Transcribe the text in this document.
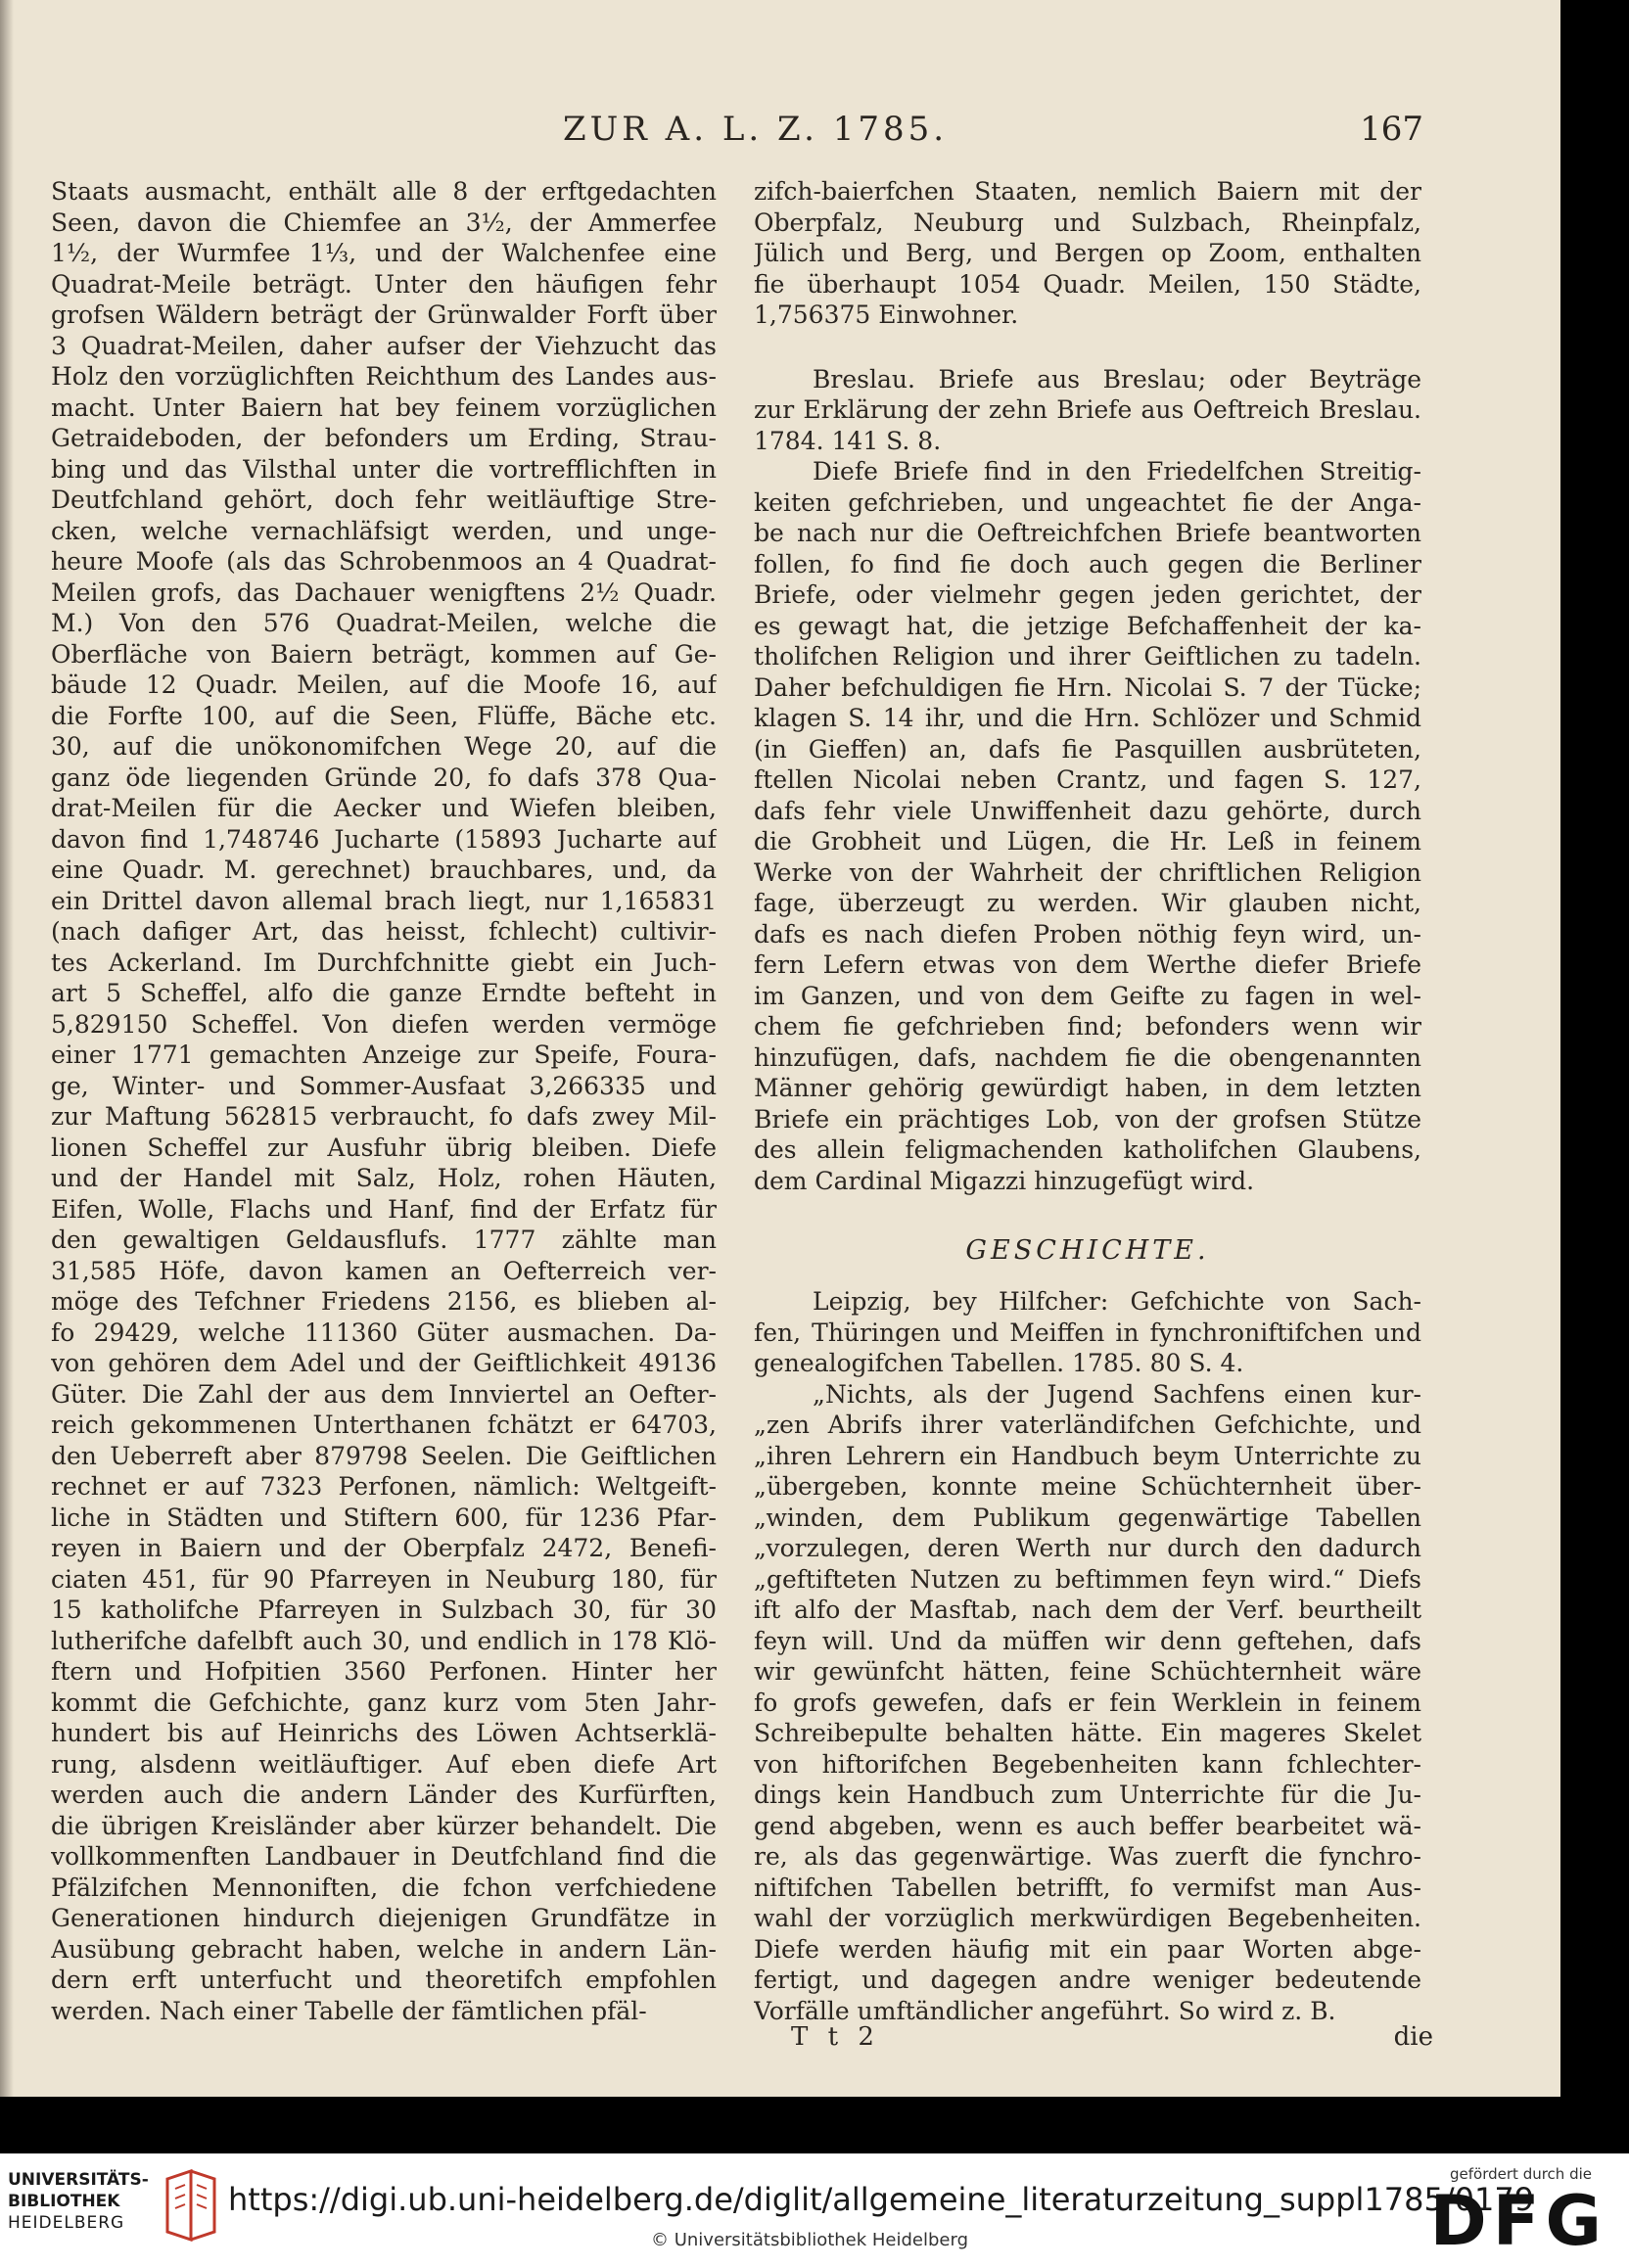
ZUR A. L. Z. 1785.	167
Staats ausmacht, enthält alle 8 der erftgedachten
Seen, davon die Chiemfee an 3½, der Ammerfee
1½, der Wurmfee 1⅓, und der Walchenfee eine
Quadrat-Meile beträgt. Unter den häufigen fehr
grofsen Wäldern beträgt der Grünwalder Forft über
3 Quadrat-Meilen, daher aufser der Viehzucht das
Holz den vorzüglichften Reichthum des Landes aus-
macht. Unter Baiern hat bey feinem vorzüglichen
Getraideboden, der befonders um Erding, Strau-
bing und das Vilsthal unter die vortrefflichften in
Deutfchland gehört, doch fehr weitläuftige Stre-
cken, welche vernachläfsigt werden, und unge-
heure Moofe (als das Schrobenmoos an 4 Quadrat-
Meilen grofs, das Dachauer wenigftens 2½ Quadr.
M.) Von den 576 Quadrat-Meilen, welche die
Oberfläche von Baiern beträgt, kommen auf Ge-
bäude 12 Quadr. Meilen, auf die Moofe 16, auf
die Forfte 100, auf die Seen, Flüffe, Bäche etc.
30, auf die unökonomifchen Wege 20, auf die
ganz öde liegenden Gründe 20, fo dafs 378 Qua-
drat-Meilen für die Aecker und Wiefen bleiben,
davon find 1,748746 Jucharte (15893 Jucharte auf
eine Quadr. M. gerechnet) brauchbares, und, da
ein Drittel davon allemal brach liegt, nur 1,165831
(nach dafiger Art, das heisst, fchlecht) cultivir-
tes Ackerland. Im Durchfchnitte giebt ein Juch-
art 5 Scheffel, alfo die ganze Erndte befteht in
5,829150 Scheffel. Von diefen werden vermöge
einer 1771 gemachten Anzeige zur Speife, Foura-
ge, Winter- und Sommer-Ausfaat 3,266335 und
zur Maftung 562815 verbraucht, fo dafs zwey Mil-
lionen Scheffel zur Ausfuhr übrig bleiben. Diefe
und der Handel mit Salz, Holz, rohen Häuten,
Eifen, Wolle, Flachs und Hanf, find der Erfatz für
den gewaltigen Geldausflufs. 1777 zählte man
31,585 Höfe, davon kamen an Oefterreich ver-
möge des Tefchner Friedens 2156, es blieben al-
fo 29429, welche 111360 Güter ausmachen. Da-
von gehören dem Adel und der Geiftlichkeit 49136
Güter. Die Zahl der aus dem Innviertel an Oefter-
reich gekommenen Unterthanen fchätzt er 64703,
den Ueberreft aber 879798 Seelen. Die Geiftlichen
rechnet er auf 7323 Perfonen, nämlich: Weltgeift-
liche in Städten und Stiftern 600, für 1236 Pfar-
reyen in Baiern und der Oberpfalz 2472, Benefi-
ciaten 451, für 90 Pfarreyen in Neuburg 180, für
15 katholifche Pfarreyen in Sulzbach 30, für 30
lutherifche dafelbft auch 30, und endlich in 178 Klö-
ftern und Hofpitien 3560 Perfonen. Hinter her
kommt die Gefchichte, ganz kurz vom 5ten Jahr-
hundert bis auf Heinrichs des Löwen Achtserklä-
rung, alsdenn weitläuftiger. Auf eben diefe Art
werden auch die andern Länder des Kurfürften,
die übrigen Kreisländer aber kürzer behandelt. Die
vollkommenften Landbauer in Deutfchland find die
Pfälzifchen Mennoniften, die fchon verfchiedene
Generationen hindurch diejenigen Grundfätze in
Ausübung gebracht haben, welche in andern Län-
dern erft unterfucht und theoretifch empfohlen
werden. Nach einer Tabelle der fämtlichen pfäl-
zifch-baierfchen Staaten, nemlich Baiern mit der
Oberpfalz, Neuburg und Sulzbach, Rheinpfalz,
Jülich und Berg, und Bergen op Zoom, enthalten
fie überhaupt 1054 Quadr. Meilen, 150 Städte,
1,756375 Einwohner.
Breslau. Briefe aus Breslau; oder Beyträge
zur Erklärung der zehn Briefe aus Oeftreich Breslau.
1784. 141 S. 8.
Diefe Briefe find in den Friedelfchen Streitig-
keiten gefchrieben, und ungeachtet fie der Anga-
be nach nur die Oeftreichfchen Briefe beantworten
follen, fo find fie doch auch gegen die Berliner
Briefe, oder vielmehr gegen jeden gerichtet, der
es gewagt hat, die jetzige Befchaffenheit der ka-
tholifchen Religion und ihrer Geiftlichen zu tadeln.
Daher befchuldigen fie Hrn. Nicolai S. 7 der Tücke;
klagen S. 14 ihr, und die Hrn. Schlözer und Schmid
(in Gieffen) an, dafs fie Pasquillen ausbrüteten,
ftellen Nicolai neben Crantz, und fagen S. 127,
dafs fehr viele Unwiffenheit dazu gehörte, durch
die Grobheit und Lügen, die Hr. Leß in feinem
Werke von der Wahrheit der chriftlichen Religion
fage, überzeugt zu werden. Wir glauben nicht,
dafs es nach diefen Proben nöthig feyn wird, un-
fern Lefern etwas von dem Werthe diefer Briefe
im Ganzen, und von dem Geifte zu fagen in wel-
chem fie gefchrieben find; befonders wenn wir
hinzufügen, dafs, nachdem fie die obengenannten
Männer gehörig gewürdigt haben, in dem letzten
Briefe ein prächtiges Lob, von der grofsen Stütze
des allein feligmachenden katholifchen Glaubens,
dem Cardinal Migazzi hinzugefügt wird.
GESCHICHTE.
Leipzig, bey Hilfcher: Gefchichte von Sach-
fen, Thüringen und Meiffen in fynchroniftifchen und
genealogifchen Tabellen. 1785. 80 S. 4.
„Nichts, als der Jugend Sachfens einen kur-
„zen Abrifs ihrer vaterländifchen Gefchichte, und
„ihren Lehrern ein Handbuch beym Unterrichte zu
„übergeben, konnte meine Schüchternheit über-
„winden, dem Publikum gegenwärtige Tabellen
„vorzulegen, deren Werth nur durch den dadurch
„geftifteten Nutzen zu beftimmen feyn wird.“ Diefs
ift alfo der Masftab, nach dem der Verf. beurtheilt
feyn will. Und da müffen wir denn geftehen, dafs
wir gewünfcht hätten, feine Schüchternheit wäre
fo grofs gewefen, dafs er fein Werklein in feinem
Schreibepulte behalten hätte. Ein mageres Skelet
von hiftorifchen Begebenheiten kann fchlechter-
dings kein Handbuch zum Unterrichte für die Ju-
gend abgeben, wenn es auch beffer bearbeitet wä-
re, als das gegenwärtige. Was zuerft die fynchro-
niftifchen Tabellen betrifft, fo vermifst man Aus-
wahl der vorzüglich merkwürdigen Begebenheiten.
Diefe werden häufig mit ein paar Worten abge-
fertigt, und dagegen andre weniger bedeutende
Vorfälle umftändlicher angeführt. So wird z. B.
T t 2	die
UNIVERSITÄTS-
BIBLIOTHEK
HEIDELBERG
https://digi.ub.uni-heidelberg.de/diglit/allgemeine_literaturzeitung_suppl1785/0179
© Universitätsbibliothek Heidelberg
gefördert durch die
DFG
